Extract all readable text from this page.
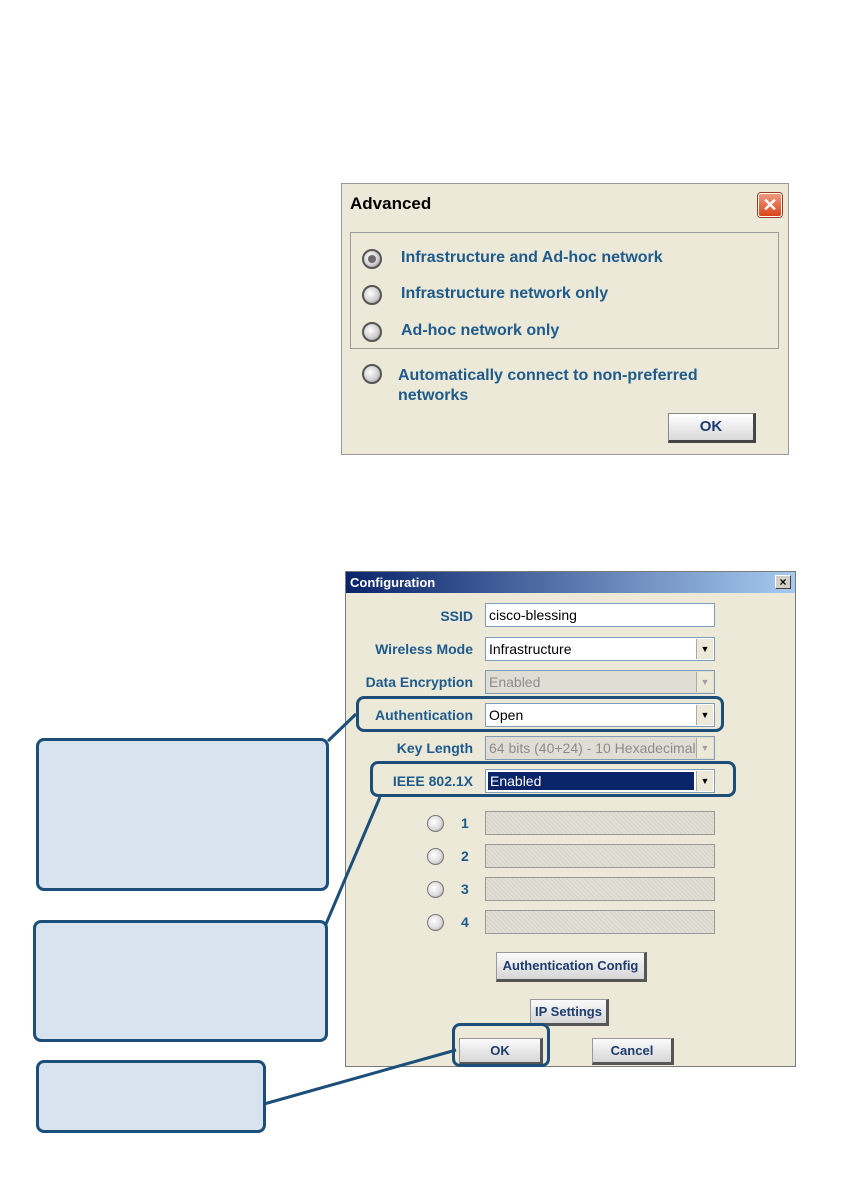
Advanced	✕
Infrastructure and Ad-hoc network
Infrastructure network only
Ad-hoc network only
Automatically connect to non-preferred
networks
OK
Configuration	×
SSID cisco-blessing
Wireless Mode Infrastructure	▼
Data Encryption Enabled	▼
Authentication Open	▼
Key Length 64 bits (40+24) - 10 Hexadecimal ▼
IEEE 802.1X Enabled	▼
1
2
3
4
Authentication Config
IP Settings
OK	Cancel
